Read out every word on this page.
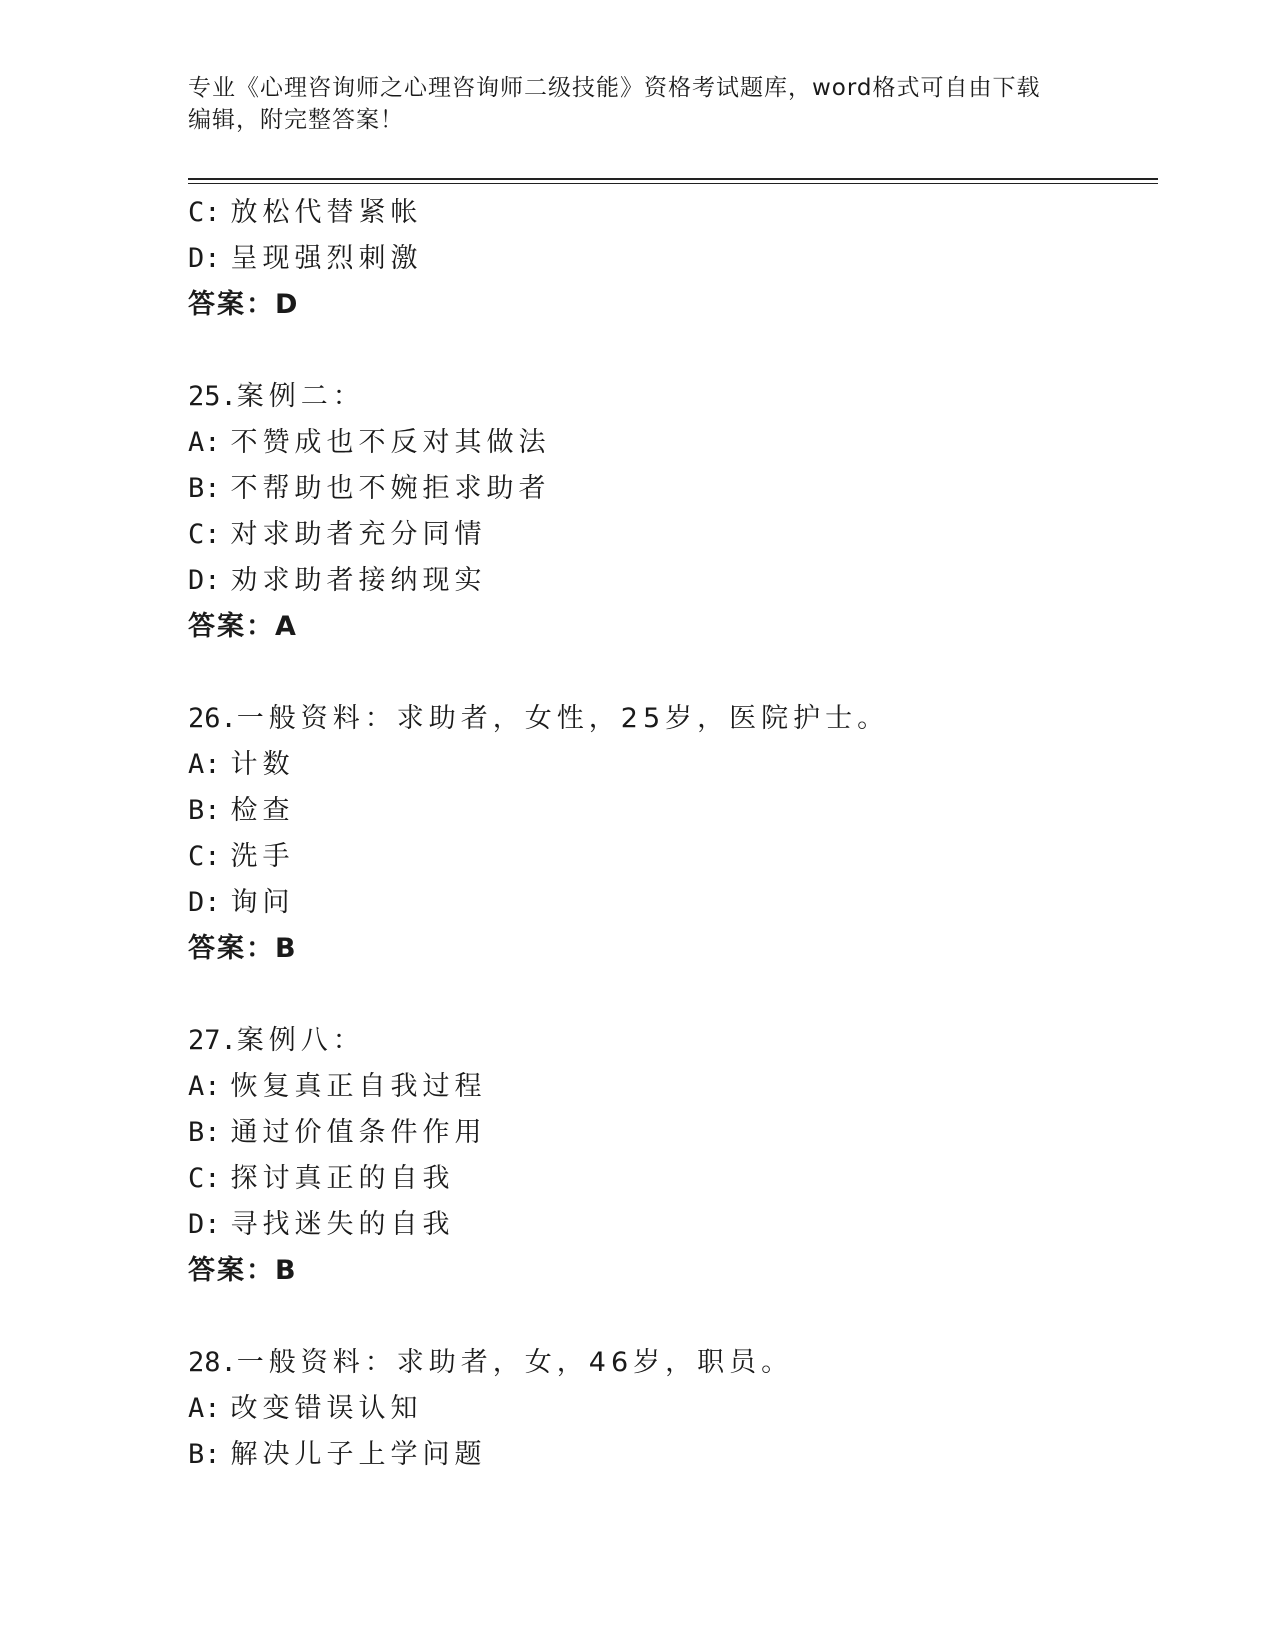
专业《心理咨询师之心理咨询师二级技能》资格考试题库，word格式可自由下载
编辑，附完整答案！
C: 放松代替紧帐
D: 呈现强烈刺激
答案：D
25.案例二：
A: 不赞成也不反对其做法
B: 不帮助也不婉拒求助者
C: 对求助者充分同情
D: 劝求助者接纳现实
答案：A
26.一般资料：求助者，女性，25岁，医院护士。
A: 计数
B: 检查
C: 洗手
D: 询问
答案：B
27.案例八：
A: 恢复真正自我过程
B: 通过价值条件作用
C: 探讨真正的自我
D: 寻找迷失的自我
答案：B
28.一般资料：求助者，女，46岁，职员。
A: 改变错误认知
B: 解决儿子上学问题
